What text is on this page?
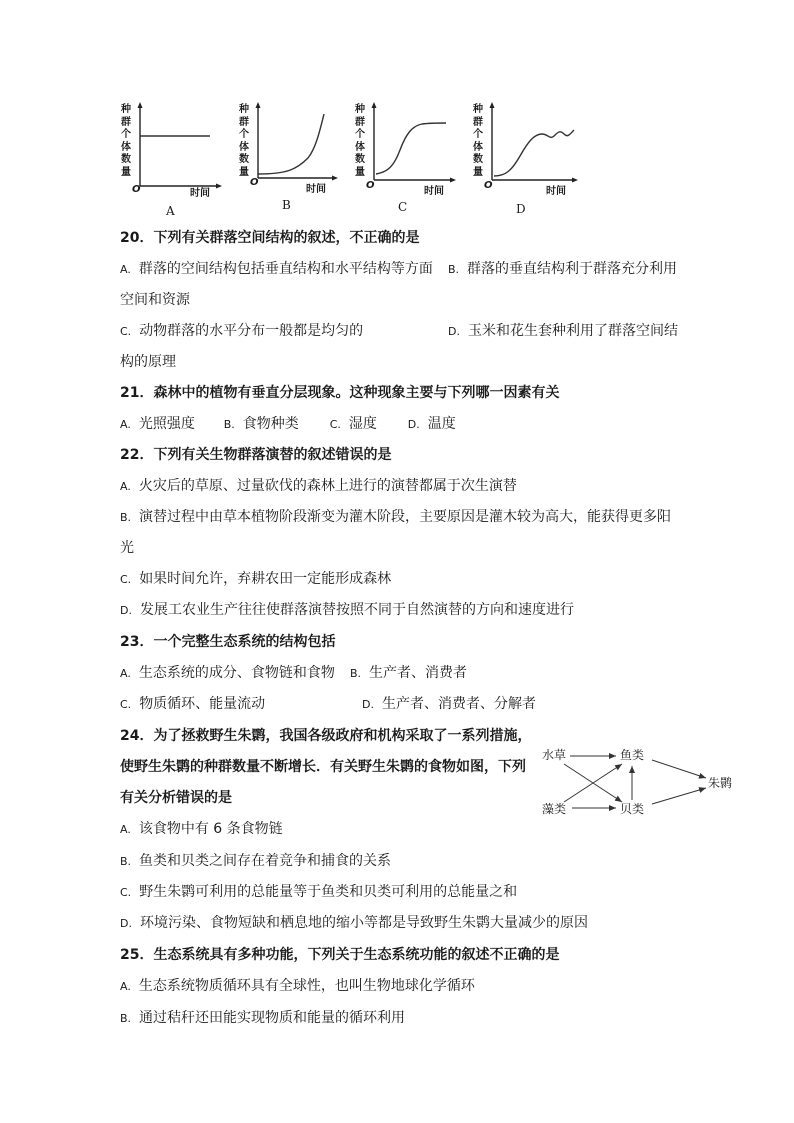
种群个体数量
O	时间
A
种群个体数量
O
时间
B
种群个体数量
O
时间
C
种群个体数量
O
时间
D
20．下列有关群落空间结构的叙述，不正确的是
A. 群落的空间结构包括垂直结构和水平结构等方面 B. 群落的垂直结构利于群落充分利用
空间和资源
C. 动物群落的水平分布一般都是均匀的	D. 玉米和花生套种利用了群落空间结
构的原理
21．森林中的植物有垂直分层现象。这种现象主要与下列哪一因素有关
A. 光照强度	B. 食物种类	C. 湿度	D. 温度
22．下列有关生物群落演替的叙述错误的是
A. 火灾后的草原、过量砍伐的森林上进行的演替都属于次生演替
B. 演替过程中由草本植物阶段渐变为灌木阶段，主要原因是灌木较为高大，能获得更多阳
光
C. 如果时间允许，弃耕农田一定能形成森林
D. 发展工农业生产往往使群落演替按照不同于自然演替的方向和速度进行
23．一个完整生态系统的结构包括
A. 生态系统的成分、食物链和食物 B. 生产者、消费者
C. 物质循环、能量流动	D. 生产者、消费者、分解者
24．为了拯救野生朱鹮，我国各级政府和机构采取了一系列措施，
使野生朱鹮的种群数量不断增长．有关野生朱鹮的食物如图，下列
有关分析错误的是
水草
藻类
鱼类
贝类
朱鹮
A. 该食物中有 6 条食物链
B. 鱼类和贝类之间存在着竞争和捕食的关系
C. 野生朱鹮可利用的总能量等于鱼类和贝类可利用的总能量之和
D. 环境污染、食物短缺和栖息地的缩小等都是导致野生朱鹮大量减少的原因
25．生态系统具有多种功能，下列关于生态系统功能的叙述不正确的是
A. 生态系统物质循环具有全球性，也叫生物地球化学循环
B. 通过秸秆还田能实现物质和能量的循环利用
